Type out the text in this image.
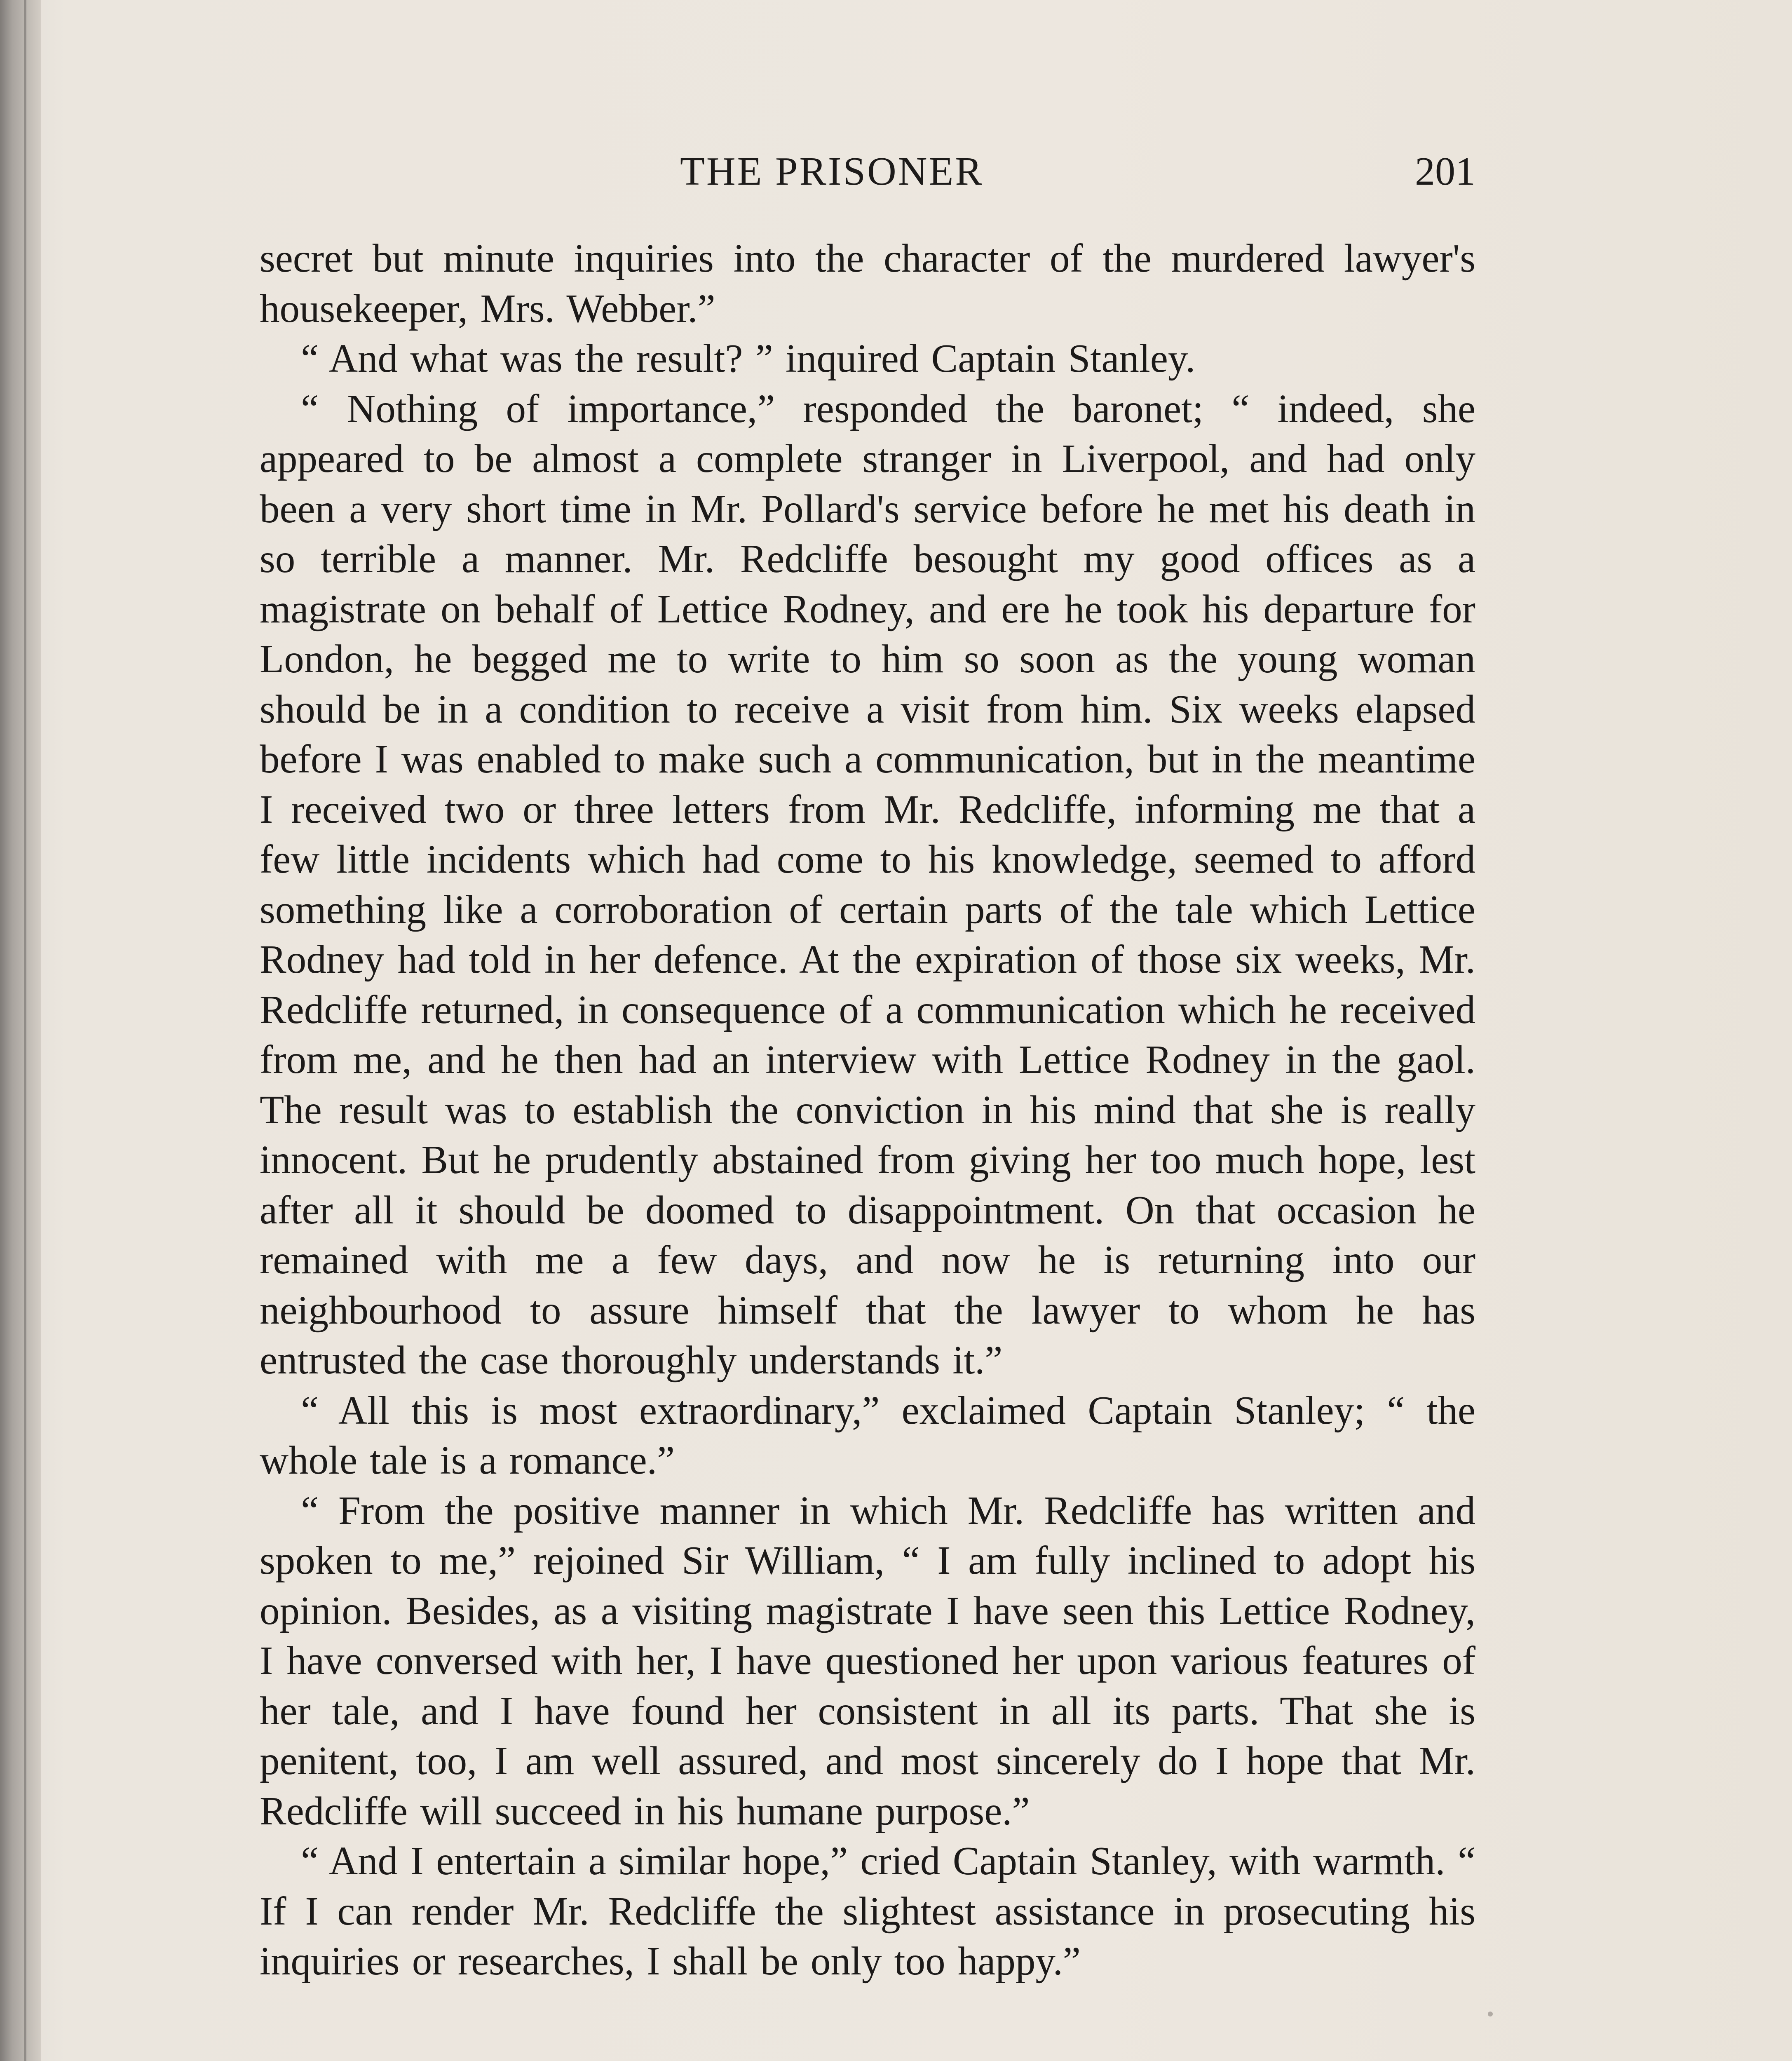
THE PRISONER	201

secret but minute inquiries into the character of the murdered lawyer's housekeeper, Mrs. Webber.”

“ And what was the result? ” inquired Captain Stanley.

“ Nothing of importance,” responded the baronet; “ indeed, she appeared to be almost a complete stranger in Liverpool, and had only been a very short time in Mr. Pollard's service before he met his death in so terrible a manner. Mr. Redcliffe besought my good offices as a magistrate on behalf of Lettice Rodney, and ere he took his departure for London, he begged me to write to him so soon as the young woman should be in a condition to receive a visit from him. Six weeks elapsed before I was enabled to make such a communication, but in the meantime I received two or three letters from Mr. Redcliffe, informing me that a few little incidents which had come to his knowledge, seemed to afford something like a corroboration of certain parts of the tale which Lettice Rodney had told in her defence. At the expiration of those six weeks, Mr. Redcliffe returned, in consequence of a communication which he received from me, and he then had an interview with Lettice Rodney in the gaol. The result was to establish the conviction in his mind that she is really innocent. But he prudently abstained from giving her too much hope, lest after all it should be doomed to disappointment. On that occasion he remained with me a few days, and now he is returning into our neighbourhood to assure himself that the lawyer to whom he has entrusted the case thoroughly understands it.”

“ All this is most extraordinary,” exclaimed Captain Stanley; “ the whole tale is a romance.”

“ From the positive manner in which Mr. Redcliffe has written and spoken to me,” rejoined Sir William, “ I am fully inclined to adopt his opinion. Besides, as a visiting magistrate I have seen this Lettice Rodney, I have conversed with her, I have questioned her upon various features of her tale, and I have found her consistent in all its parts. That she is penitent, too, I am well assured, and most sincerely do I hope that Mr. Redcliffe will succeed in his humane purpose.”

“ And I entertain a similar hope,” cried Captain Stanley, with warmth. “ If I can render Mr. Redcliffe the slightest assistance in prosecuting his inquiries or researches, I shall be only too happy.”
